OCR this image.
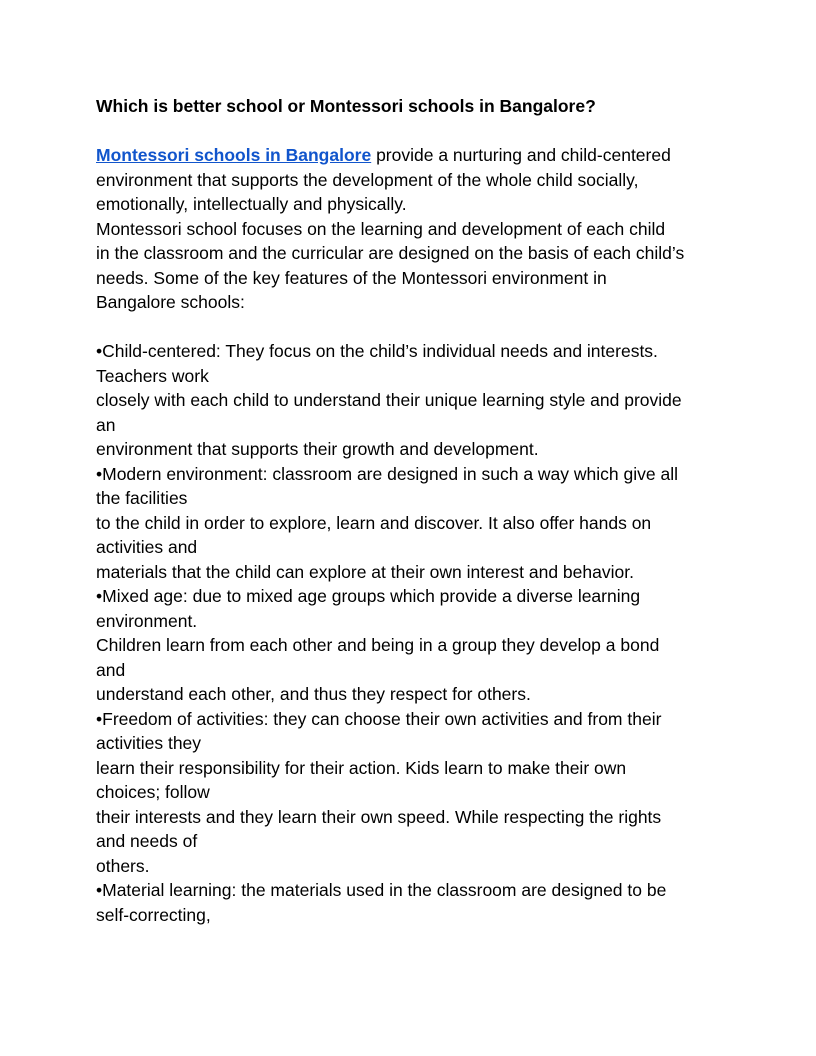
Which is better school or Montessori schools in Bangalore?

Montessori schools in Bangalore provide a nurturing and child-centered

environment that supports the development of the whole child socially,

emotionally, intellectually and physically.

Montessori school focuses on the learning and development of each child

in the classroom and the curricular are designed on the basis of each child’s

needs. Some of the key features of the Montessori environment in

Bangalore schools:

•Child-centered: They focus on the child’s individual needs and interests.

Teachers work

closely with each child to understand their unique learning style and provide

an

environment that supports their growth and development.

•Modern environment: classroom are designed in such a way which give all

the facilities

to the child in order to explore, learn and discover. It also offer hands on

activities and

materials that the child can explore at their own interest and behavior.

•Mixed age: due to mixed age groups which provide a diverse learning

environment.

Children learn from each other and being in a group they develop a bond

and

understand each other, and thus they respect for others.

•Freedom of activities: they can choose their own activities and from their

activities they

learn their responsibility for their action. Kids learn to make their own

choices; follow

their interests and they learn their own speed. While respecting the rights

and needs of

others.

•Material learning: the materials used in the classroom are designed to be

self-correcting,
